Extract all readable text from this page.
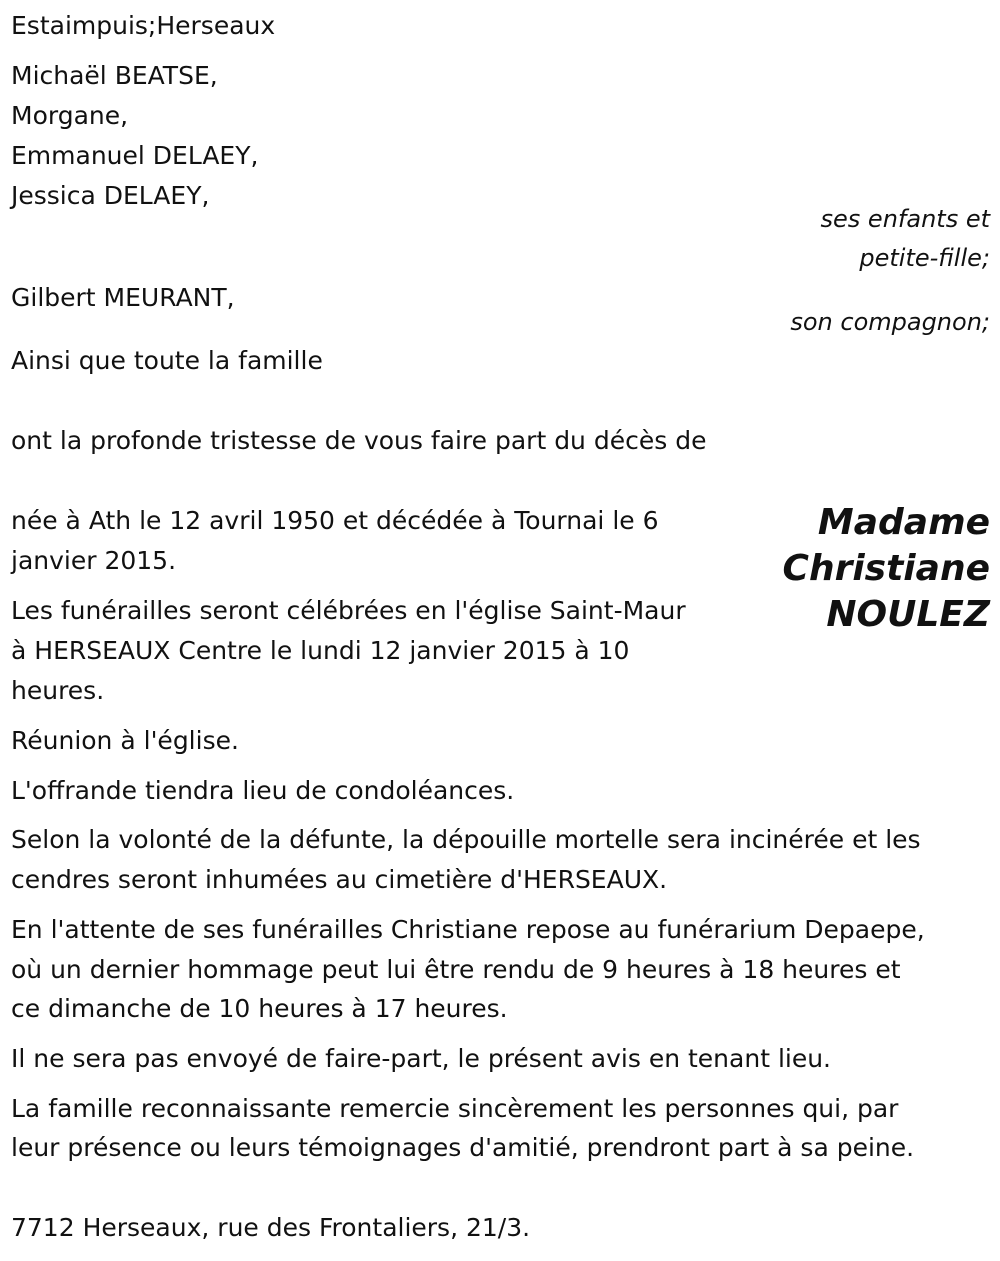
Estaimpuis;Herseaux
Michaël BEATSE,
Morgane,
Emmanuel DELAEY,
Jessica DELAEY,
ses enfants et
petite-fille;
Gilbert MEURANT,
son compagnon;
Ainsi que toute la famille
ont la profonde tristesse de vous faire part du décès de
Madame
Christiane
NOULEZ
née à Ath le 12 avril 1950 et décédée à Tournai le 6
janvier 2015.
Les funérailles seront célébrées en l'église Saint-Maur
à HERSEAUX Centre le lundi 12 janvier 2015 à 10
heures.
Réunion à l'église.
L'offrande tiendra lieu de condoléances.
Selon la volonté de la défunte, la dépouille mortelle sera incinérée et les
cendres seront inhumées au cimetière d'HERSEAUX.
En l'attente de ses funérailles Christiane repose au funérarium Depaepe,
où un dernier hommage peut lui être rendu de 9 heures à 18 heures et
ce dimanche de 10 heures à 17 heures.
Il ne sera pas envoyé de faire-part, le présent avis en tenant lieu.
La famille reconnaissante remercie sincèrement les personnes qui, par
leur présence ou leurs témoignages d'amitié, prendront part à sa peine.
7712 Herseaux, rue des Frontaliers, 21/3.
